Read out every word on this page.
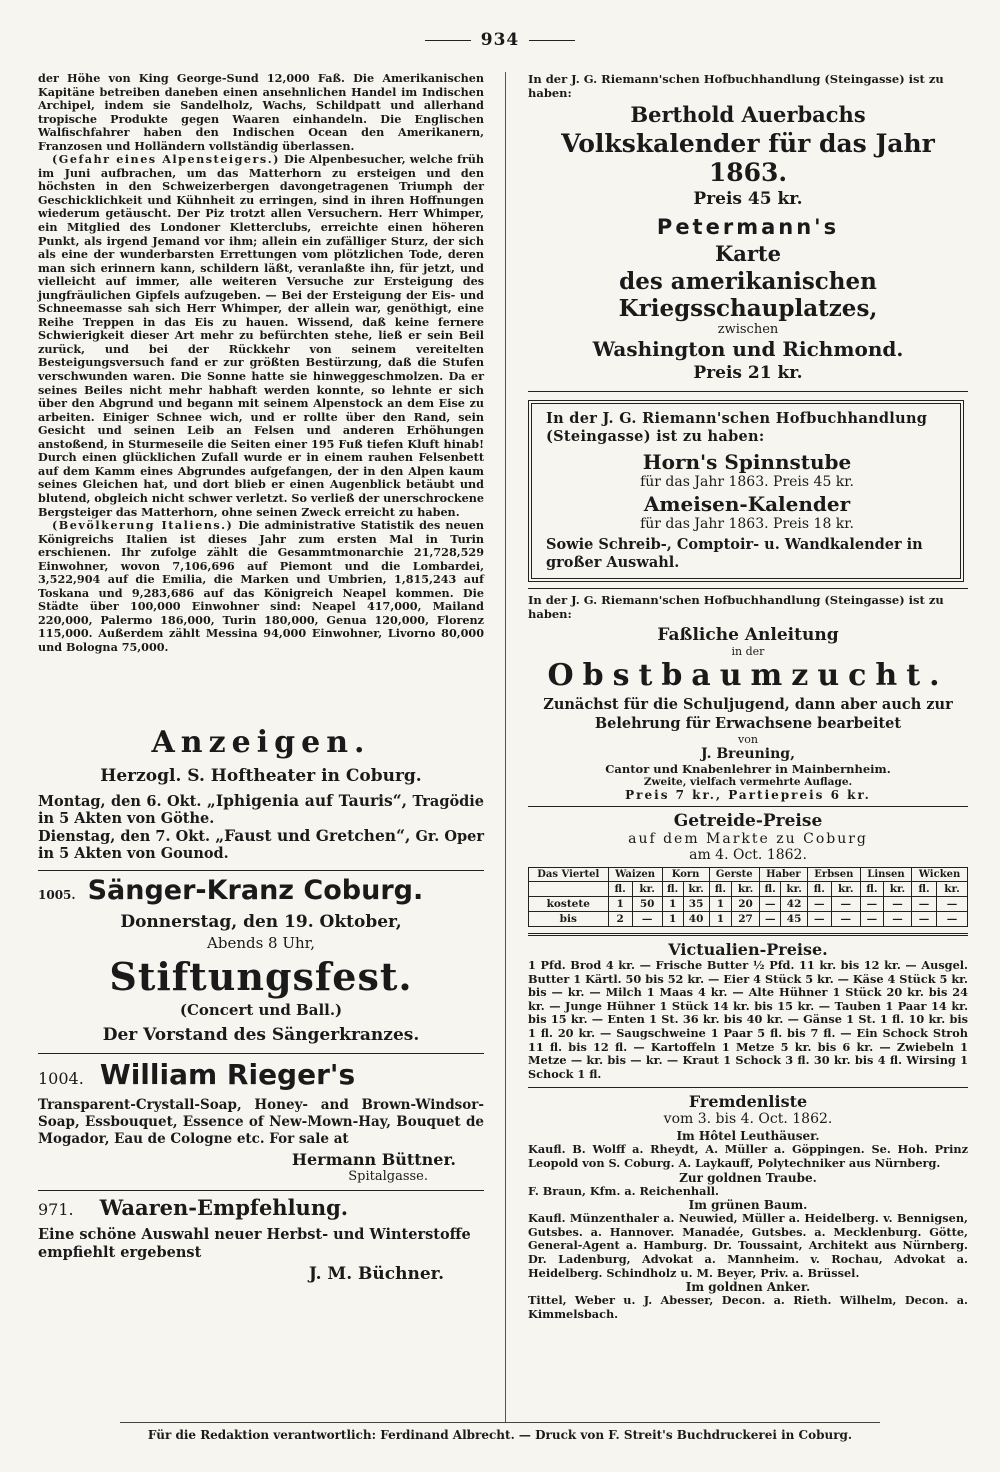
934

der Höhe von King George-Sund 12,000 Faß. Die Amerikanischen Kapitäne betreiben daneben einen ansehnlichen Handel im Indischen Archipel, indem sie Sandelholz, Wachs, Schildpatt und allerhand tropische Produkte gegen Waaren einhandeln. Die Englischen Walfischfahrer haben den Indischen Ocean den Amerikanern, Franzosen und Holländern vollständig überlassen.

(Gefahr eines Alpensteigers.) Die Alpenbesucher, welche früh im Juni aufbrachen, um das Matterhorn zu ersteigen und den höchsten in den Schweizerbergen davongetragenen Triumph der Geschicklichkeit und Kühnheit zu erringen, sind in ihren Hoffnungen wiederum getäuscht. Der Piz trotzt allen Versuchern. Herr Whimper, ein Mitglied des Londoner Kletterclubs, erreichte einen höheren Punkt, als irgend Jemand vor ihm; allein ein zufälliger Sturz, der sich als eine der wunderbarsten Errettungen vom plötzlichen Tode, deren man sich erinnern kann, schildern läßt, veranlaßte ihn, für jetzt, und vielleicht auf immer, alle weiteren Versuche zur Ersteigung des jungfräulichen Gipfels aufzugeben. — Bei der Ersteigung der Eis- und Schneemasse sah sich Herr Whimper, der allein war, genöthigt, eine Reihe Treppen in das Eis zu hauen. Wissend, daß keine fernere Schwierigkeit dieser Art mehr zu befürchten stehe, ließ er sein Beil zurück, und bei der Rückkehr von seinem vereitelten Besteigungsversuch fand er zur größten Bestürzung, daß die Stufen verschwunden waren. Die Sonne hatte sie hinweggeschmolzen. Da er seines Beiles nicht mehr habhaft werden konnte, so lehnte er sich über den Abgrund und begann mit seinem Alpenstock an dem Eise zu arbeiten. Einiger Schnee wich, und er rollte über den Rand, sein Gesicht und seinen Leib an Felsen und anderen Erhöhungen anstoßend, in Sturmeseile die Seiten einer 195 Fuß tiefen Kluft hinab! Durch einen glücklichen Zufall wurde er in einem rauhen Felsenbett auf dem Kamm eines Abgrundes aufgefangen, der in den Alpen kaum seines Gleichen hat, und dort blieb er einen Augenblick betäubt und blutend, obgleich nicht schwer verletzt. So verließ der unerschrockene Bergsteiger das Matterhorn, ohne seinen Zweck erreicht zu haben.

(Bevölkerung Italiens.) Die administrative Statistik des neuen Königreichs Italien ist dieses Jahr zum ersten Mal in Turin erschienen. Ihr zufolge zählt die Gesammtmonarchie 21,728,529 Einwohner, wovon 7,106,696 auf Piemont und die Lombardei, 3,522,904 auf die Emilia, die Marken und Umbrien, 1,815,243 auf Toskana und 9,283,686 auf das Königreich Neapel kommen. Die Städte über 100,000 Einwohner sind: Neapel 417,000, Mailand 220,000, Palermo 186,000, Turin 180,000, Genua 120,000, Florenz 115,000. Außerdem zählt Messina 94,000 Einwohner, Livorno 80,000 und Bologna 75,000.

Anzeigen.
Herzogl. S. Hoftheater in Coburg.

Montag, den 6. Okt. „Iphigenia auf Tauris“, Tragödie in 5 Akten von Göthe.

Dienstag, den 7. Okt. „Faust und Gretchen“, Gr. Oper in 5 Akten von Gounod.

1005. Sänger-Kranz Coburg.
Donnerstag, den 19. Oktober,
Abends 8 Uhr,
Stiftungsfest.
(Concert und Ball.)
Der Vorstand des Sängerkranzes.
1004. William Rieger's

Transparent-Crystall-Soap, Honey- and Brown-Windsor-Soap, Essbouquet, Essence of New-Mown-Hay, Bouquet de Mogador, Eau de Cologne etc. For sale at

Hermann Büttner.
Spitalgasse.
971. Waaren-Empfehlung.

Eine schöne Auswahl neuer Herbst- und Winterstoffe empfiehlt ergebenst

J. M. Büchner.

In der J. G. Riemann'schen Hofbuchhandlung (Steingasse) ist zu haben:

Berthold Auerbachs
Volkskalender für das Jahr 1863.
Preis 45 kr.
Petermann's
Karte
des amerikanischen Kriegsschauplatzes,
zwischen
Washington und Richmond.
Preis 21 kr.

In der J. G. Riemann'schen Hofbuchhandlung (Steingasse) ist zu haben:

Horn's Spinnstube
für das Jahr 1863. Preis 45 kr.
Ameisen-Kalender
für das Jahr 1863. Preis 18 kr.

Sowie Schreib-, Comptoir- u. Wandkalender in großer Auswahl.

In der J. G. Riemann'schen Hofbuchhandlung (Steingasse) ist zu haben:

Faßliche Anleitung
in der
Obstbaumzucht.

Zunächst für die Schuljugend, dann aber auch zur Belehrung für Erwachsene bearbeitet

von
J. Breuning,
Cantor und Knabenlehrer in Mainbernheim.
Zweite, vielfach vermehrte Auflage.
Preis 7 kr., Partiepreis 6 kr.
Getreide-Preise
auf dem Markte zu Coburg
am 4. Oct. 1862.
Das Viertel	Waizen		Korn		Gerste		Haber		Erbsen		Linsen		Wicken	
	fl.	kr.	fl.	kr.	fl.	kr.	fl.	kr.	fl.	kr.	fl.	kr.	fl.	kr.
kostete	1	50	1	35	1	20	—	42	—	—	—	—	—	—
bis	2	—	1	40	1	27	—	45	—	—	—	—	—	—
Victualien-Preise.

1 Pfd. Brod 4 kr. — Frische Butter ½ Pfd. 11 kr. bis 12 kr. — Ausgel. Butter 1 Kärtl. 50 bis 52 kr. — Eier 4 Stück 5 kr. — Käse 4 Stück 5 kr. bis — kr. — Milch 1 Maas 4 kr. — Alte Hühner 1 Stück 20 kr. bis 24 kr. — Junge Hühner 1 Stück 14 kr. bis 15 kr. — Tauben 1 Paar 14 kr. bis 15 kr. — Enten 1 St. 36 kr. bis 40 kr. — Gänse 1 St. 1 fl. 10 kr. bis 1 fl. 20 kr. — Saugschweine 1 Paar 5 fl. bis 7 fl. — Ein Schock Stroh 11 fl. bis 12 fl. — Kartoffeln 1 Metze 5 kr. bis 6 kr. — Zwiebeln 1 Metze — kr. bis — kr. — Kraut 1 Schock 3 fl. 30 kr. bis 4 fl. Wirsing 1 Schock 1 fl.

Fremdenliste
vom 3. bis 4. Oct. 1862.
Im Hôtel Leuthäuser.

Kaufl. B. Wolff a. Rheydt, A. Müller a. Göppingen. Se. Hoh. Prinz Leopold von S. Coburg. A. Laykauff, Polytechniker aus Nürnberg.

Zur goldnen Traube.

F. Braun, Kfm. a. Reichenhall.

Im grünen Baum.

Kaufl. Münzenthaler a. Neuwied, Müller a. Heidelberg. v. Bennigsen, Gutsbes. a. Hannover. Manadée, Gutsbes. a. Mecklenburg. Götte, General-Agent a. Hamburg. Dr. Toussaint, Architekt aus Nürnberg. Dr. Ladenburg, Advokat a. Mannheim. v. Rochau, Advokat a. Heidelberg. Schindholz u. M. Beyer, Priv. a. Brüssel.

Im goldnen Anker.

Tittel, Weber u. J. Abesser, Decon. a. Rieth. Wilhelm, Decon. a. Kimmelsbach.

Für die Redaktion verantwortlich: Ferdinand Albrecht. — Druck von F. Streit's Buchdruckerei in Coburg.
